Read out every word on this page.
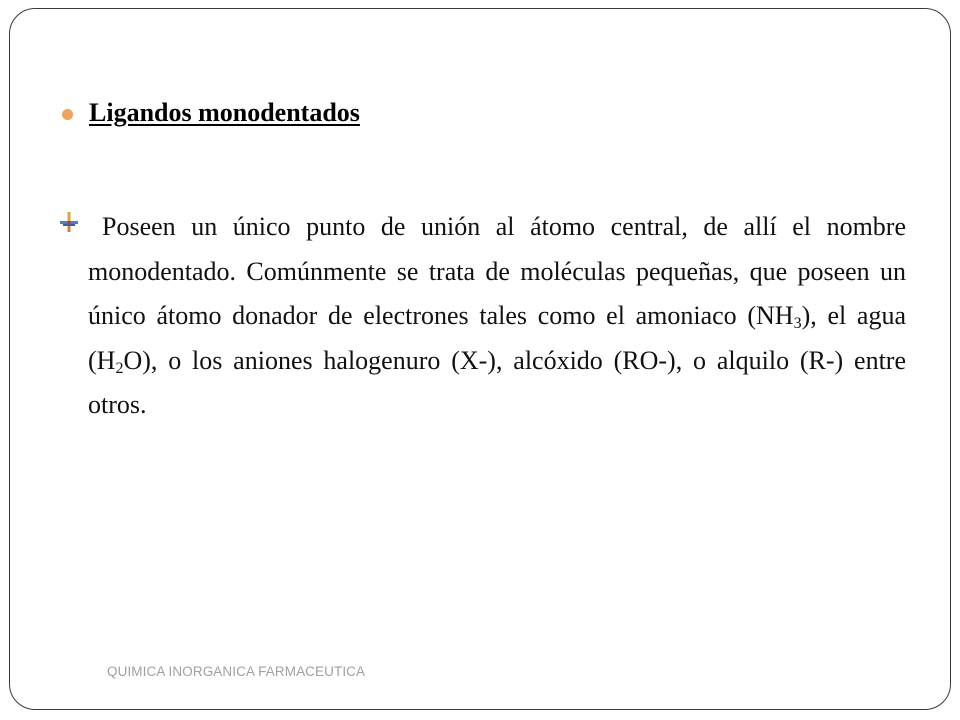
Ligandos monodentados

Poseen un único punto de unión al átomo central, de allí el nombre monodentado. Comúnmente se trata de moléculas pequeñas, que poseen un único átomo donador de electrones tales como el amoniaco $(NH_3)$, el agua $(H_2O)$, o los aniones halogenuro (X-), alcóxido (RO-), o alquilo (R-) entre otros.

QUIMICA INORGANICA FARMACEUTICA
